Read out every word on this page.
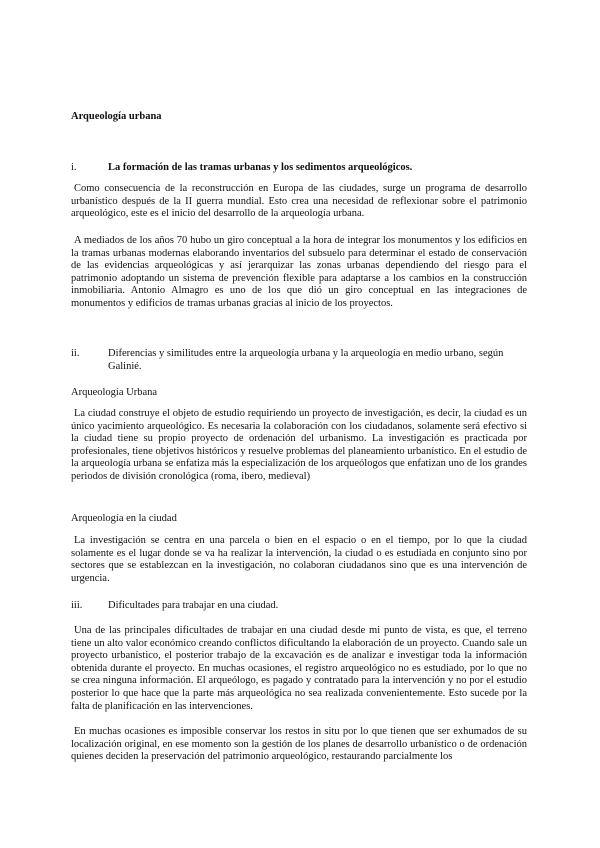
Arqueología urbana
i.	La formación de las tramas urbanas y los sedimentos arqueológicos.

Como consecuencia de la reconstrucción en Europa de las ciudades, surge un programa de desarrollo urbanístico después de la II guerra mundial. Esto crea una necesidad de reflexionar sobre el patrimonio arqueológico, este es el inicio del desarrollo de la arqueología urbana.

A mediados de los años 70 hubo un giro conceptual a la hora de integrar los monumentos y los edificios en la tramas urbanas modernas elaborando inventarios del subsuelo para determinar el estado de conservación de las evidencias arqueológicas y así jerarquizar las zonas urbanas dependiendo del riesgo para el patrimonio adoptando un sistema de prevención flexible para adaptarse a los cambios en la construcción inmobiliaria. Antonio Almagro es uno de los que dió un giro conceptual en las integraciones de monumentos y edificios de tramas urbanas gracias al inicio de los proyectos.

ii.	Diferencias y similitudes entre la arqueología urbana y la arqueología en medio urbano, según Galinié.
Arqueología Urbana

La ciudad construye el objeto de estudio requiriendo un proyecto de investigación, es decir, la ciudad es un único yacimiento arqueológico. Es necesaria la colaboración con los ciudadanos, solamente será efectivo si la ciudad tiene su propio proyecto de ordenación del urbanismo. La investigación es practicada por profesionales, tiene objetivos históricos y resuelve problemas del planeamiento urbanístico. En el estudio de la arqueología urbana se enfatiza más la especialización de los arqueólogos que enfatizan uno de los grandes periodos de división cronológica (roma, ibero, medieval)

Arqueología en la ciudad

La investigación se centra en una parcela o bien en el espacio o en el tiempo, por lo que la ciudad solamente es el lugar donde se va ha realizar la intervención, la ciudad o es estudiada en conjunto sino por sectores que se establezcan en la investigación, no colaboran ciudadanos sino que es una intervención de urgencia.

iii.	Dificultades para trabajar en una ciudad.

Una de las principales dificultades de trabajar en una ciudad desde mi punto de vista, es que, el terreno tiene un alto valor económico creando conflictos dificultando la elaboración de un proyecto. Cuando sale un proyecto urbanístico, el posterior trabajo de la excavación es de analizar e investigar toda la información obtenida durante el proyecto. En muchas ocasiones, el registro arqueológico no es estudiado, por lo que no se crea ninguna información. El arqueólogo, es pagado y contratado para la intervención y no por el estudio posterior lo que hace que la parte más arqueológica no sea realizada convenientemente. Esto sucede por la falta de planificación en las intervenciones.

En muchas ocasiones es imposible conservar los restos in situ por lo que tienen que ser exhumados de su localización original, en ese momento son la gestión de los planes de desarrollo urbanístico o de ordenación quienes deciden la preservación del patrimonio arqueológico, restaurando parcialmente los
